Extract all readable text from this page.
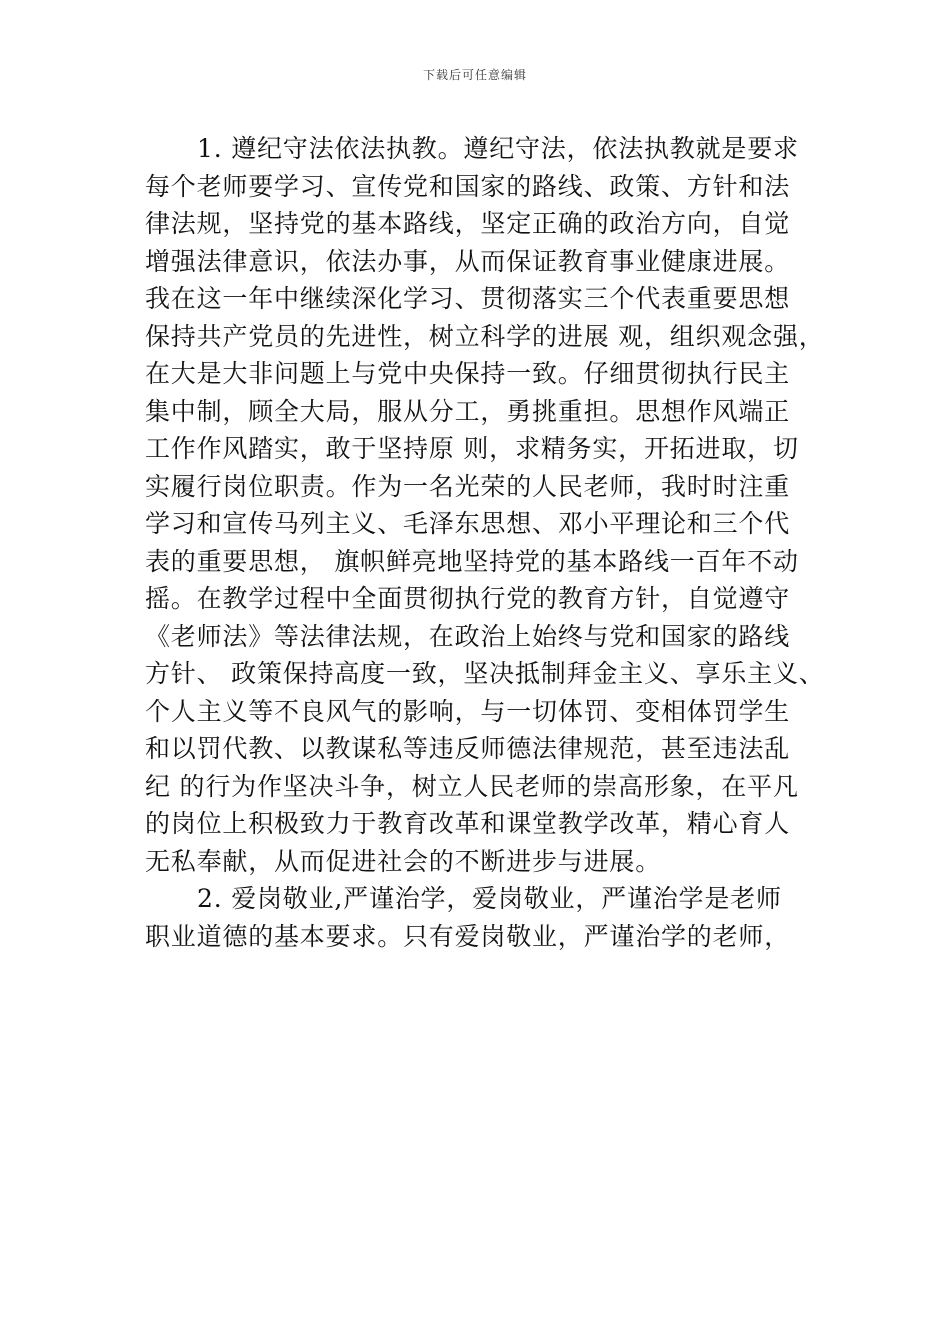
下载后可任意编辑
1. 遵纪守法依法执教。遵纪守法，依法执教就是要求
每个老师要学习、宣传党和国家的路线、政策、方针和法
律法规，坚持党的基本路线，坚定正确的政治方向，自觉
增强法律意识，依法办事，从而保证教育事业健康进展。
我在这一年中继续深化学习、贯彻落实三个代表重要思想
保持共产党员的先进性，树立科学的进展 观，组织观念强，
在大是大非问题上与党中央保持一致。仔细贯彻执行民主
集中制，顾全大局，服从分工，勇挑重担。思想作风端正
工作作风踏实，敢于坚持原 则，求精务实，开拓进取，切
实履行岗位职责。作为一名光荣的人民老师，我时时注重
学习和宣传马列主义、毛泽东思想、邓小平理论和三个代
表的重要思想， 旗帜鲜亮地坚持党的基本路线一百年不动
摇。在教学过程中全面贯彻执行党的教育方针，自觉遵守
《老师法》等法律法规，在政治上始终与党和国家的路线
方针、 政策保持高度一致，坚决抵制拜金主义、享乐主义、
个人主义等不良风气的影响，与一切体罚、变相体罚学生
和以罚代教、以教谋私等违反师德法律规范，甚至违法乱
纪 的行为作坚决斗争，树立人民老师的崇高形象，在平凡
的岗位上积极致力于教育改革和课堂教学改革，精心育人
无私奉献，从而促进社会的不断进步与进展。
2. 爱岗敬业,严谨治学，爱岗敬业，严谨治学是老师
职业道德的基本要求。只有爱岗敬业，严谨治学的老师，
